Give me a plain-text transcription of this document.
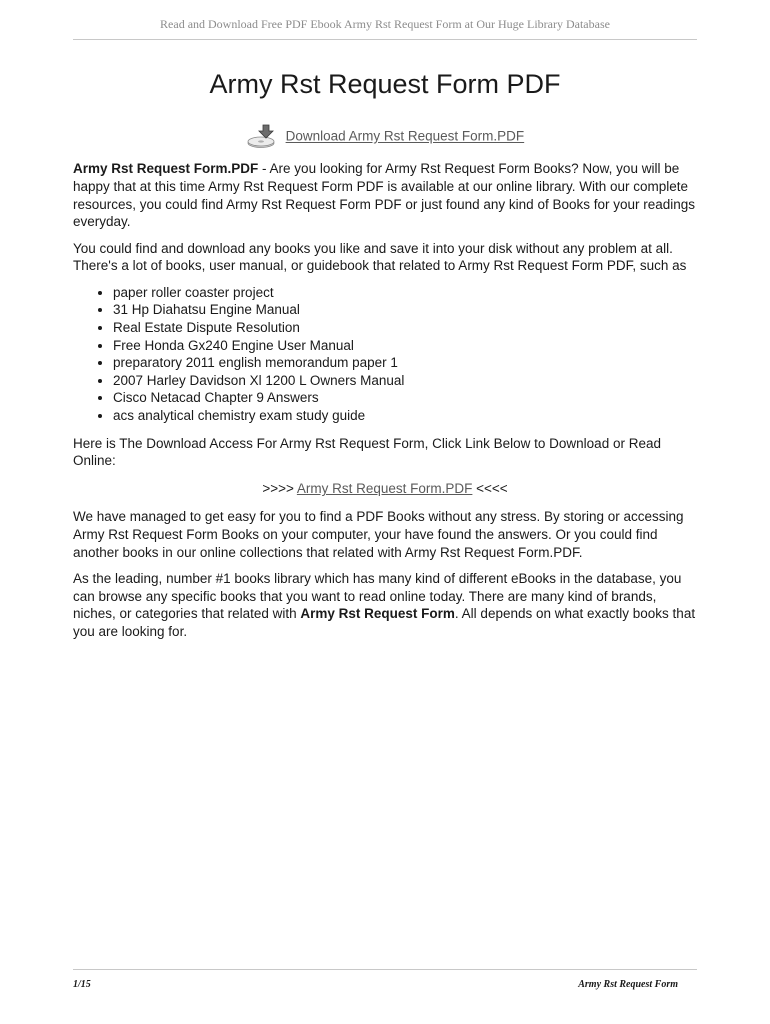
Read and Download Free PDF Ebook Army Rst Request Form at Our Huge Library Database
Army Rst Request Form PDF
Download Army Rst Request Form.PDF

Army Rst Request Form.PDF - Are you looking for Army Rst Request Form Books? Now, you will be happy that at this time Army Rst Request Form PDF is available at our online library. With our complete resources, you could find Army Rst Request Form PDF or just found any kind of Books for your readings everyday.

You could find and download any books you like and save it into your disk without any problem at all. There's a lot of books, user manual, or guidebook that related to Army Rst Request Form PDF, such as

• paper roller coaster project
• 31 Hp Diahatsu Engine Manual
• Real Estate Dispute Resolution
• Free Honda Gx240 Engine User Manual
• preparatory 2011 english memorandum paper 1
• 2007 Harley Davidson Xl 1200 L Owners Manual
• Cisco Netacad Chapter 9 Answers
• acs analytical chemistry exam study guide

Here is The Download Access For Army Rst Request Form, Click Link Below to Download or Read Online:

>>>> Army Rst Request Form.PDF <<<<

We have managed to get easy for you to find a PDF Books without any stress. By storing or accessing Army Rst Request Form Books on your computer, your have found the answers. Or you could find another books in our online collections that related with Army Rst Request Form.PDF.

As the leading, number #1 books library which has many kind of different eBooks in the database, you can browse any specific books that you want to read online today. There are many kind of brands, niches, or categories that related with Army Rst Request Form. All depends on what exactly books that you are looking for.

1/15	Army Rst Request Form
